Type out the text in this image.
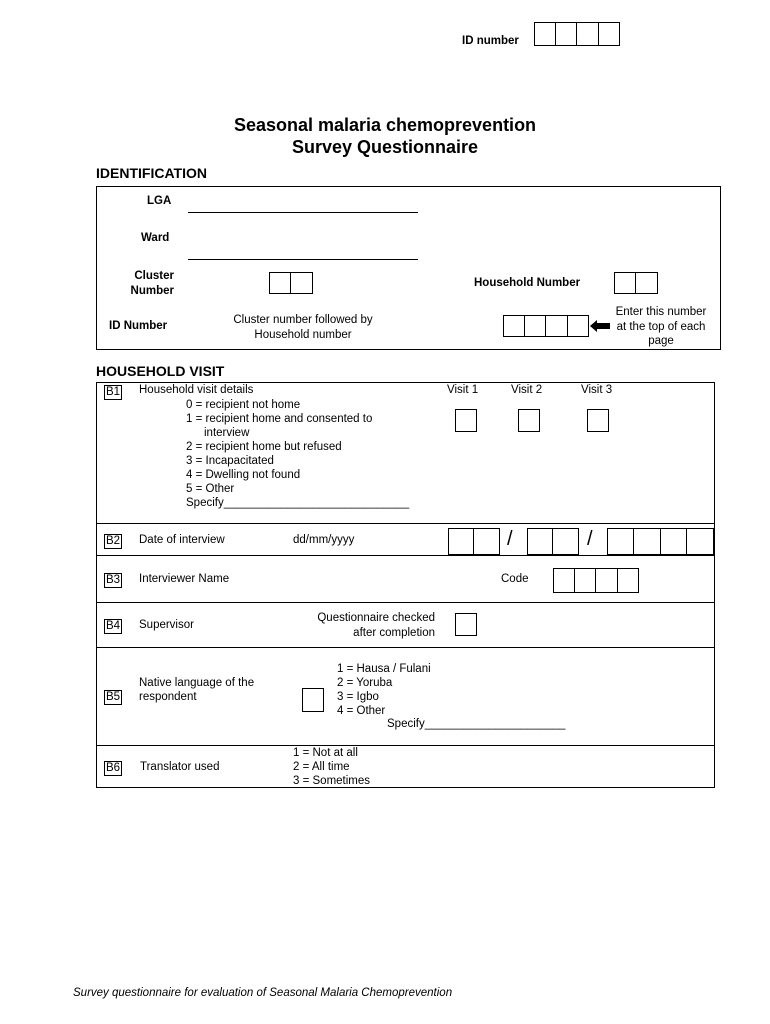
ID number
Seasonal malaria chemoprevention
Survey Questionnaire
IDENTIFICATION
LGA
Ward
Cluster
Number
Household Number
ID Number	Cluster number followed by
Household number
Enter this number
at the top of each
page
HOUSEHOLD VISIT
B1 Household visit details
0 = recipient not home
1 = recipient home and consented to
interview
2 = recipient home but refused
3 = Incapacitated
4 = Dwelling not found
5 = Other
Specify_____________________________
Visit 1	Visit 2	Visit 3
B2 Date of interview	dd/mm/yyyy	/	/
B3 Interviewer Name	Code
B4 Supervisor
Questionnaire checked
after completion
B5
Native language of the
respondent
1 = Hausa / Fulani
2 = Yoruba
3 = Igbo
4 = Other
Specify______________________
B6 Translator used
1 = Not at all
2 = All time
3 = Sometimes
Survey questionnaire for evaluation of Seasonal Malaria Chemoprevention
